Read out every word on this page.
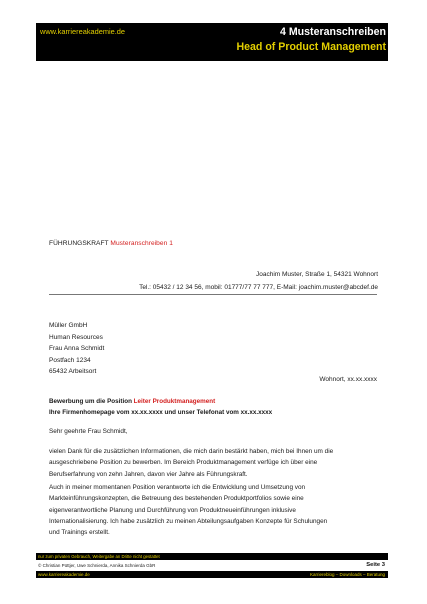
www.karriereakademie.de	4 Musteranschreiben
Head of Product Management
FÜHRUNGSKRAFT Musteranschreiben 1
Joachim Muster, Straße 1, 54321 Wohnort
Tel.: 05432 / 12 34 56, mobil: 01777/77 77 777, E-Mail: joachim.muster@abcdef.de
Müller GmbH
Human Resources
Frau Anna Schmidt
Postfach 1234
65432 Arbeitsort
Wohnort, xx.xx.xxxx
Bewerbung um die Position Leiter Produktmanagement
Ihre Firmenhomepage vom xx.xx.xxxx und unser Telefonat vom xx.xx.xxxx
Sehr geehrte Frau Schmidt,
vielen Dank für die zusätzlichen Informationen, die mich darin bestärkt haben, mich bei Ihnen um die
ausgeschriebene Position zu bewerben. Im Bereich Produktmanagement verfüge ich über eine
Berufserfahrung von zehn Jahren, davon vier Jahre als Führungskraft.
Auch in meiner momentanen Position verantworte ich die Entwicklung und Umsetzung von
Markteinführungskonzepten, die Betreuung des bestehenden Produktportfolios sowie eine
eigenverantwortliche Planung und Durchführung von Produktneueinführungen inklusive
Internationalisierung. Ich habe zusätzlich zu meinen Abteilungsaufgaben Konzepte für Schulungen
und Trainings erstellt.
nur zum privaten Gebrauch, Weitergabe an Dritte nicht gestattet
© Christian Püttjer, Uwe Schnierda, Annika Schnierda GbR	Seite 3
www.karriereakademie.de	Karriereblog – Downloads – Beratung
